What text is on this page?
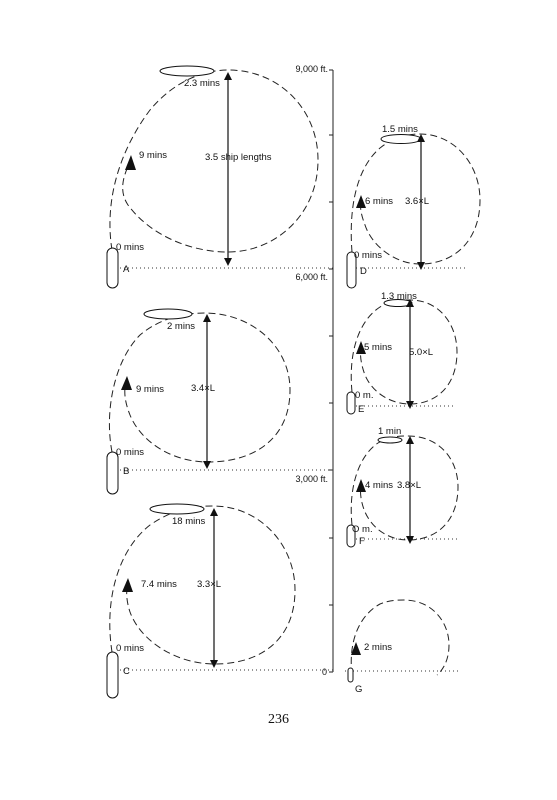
9,000 ft.
6,000 ft.
3,000 ft.
0
0 mins
A
9 mins
2.3 mins
3.5 ship lengths
0 mins
B
9 mins
2 mins
3.4×L
0 mins
C
7.4 mins
18 mins
3.3×L
0 mins
D
6 mins
1.5 mins
3.6×L
0 m.
E
5 mins
1.3 mins
5.0×L
O m.
F
4 mins
1 min
3.8×L
G
2 mins
236
